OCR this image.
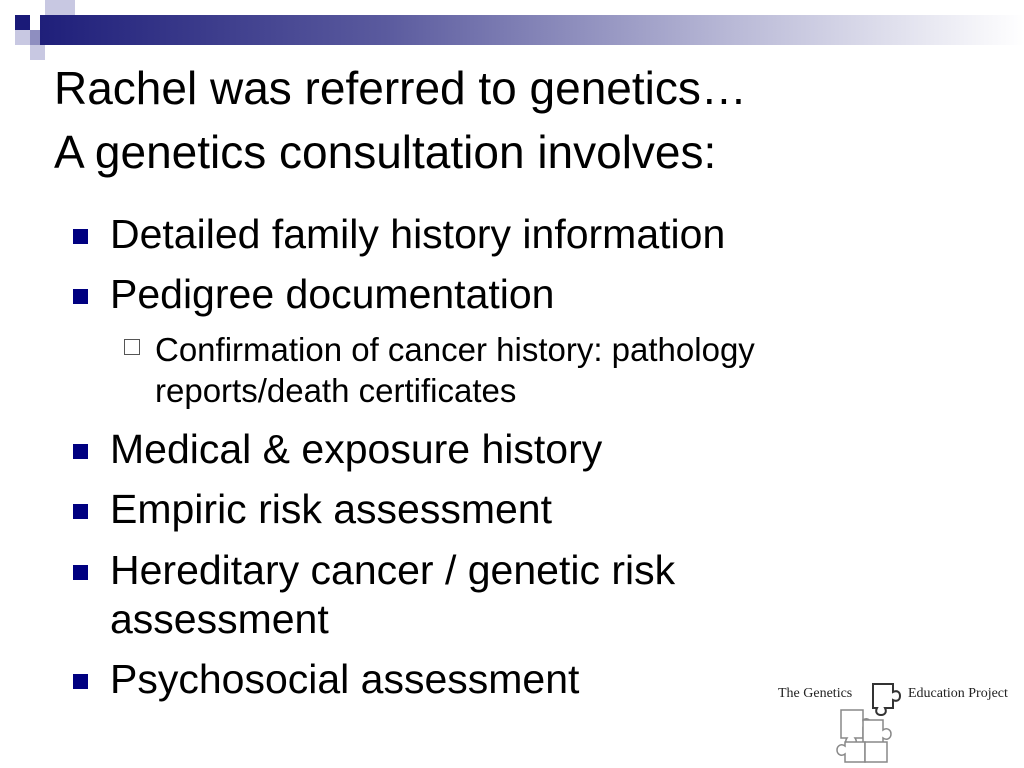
Rachel was referred to genetics…
A genetics consultation involves:
Detailed family history information
Pedigree documentation
Confirmation of cancer history: pathology
reports/death certificates
Medical & exposure history
Empiric risk assessment
Hereditary cancer / genetic risk
assessment
Psychosocial assessment	The Genetics	Education Project
